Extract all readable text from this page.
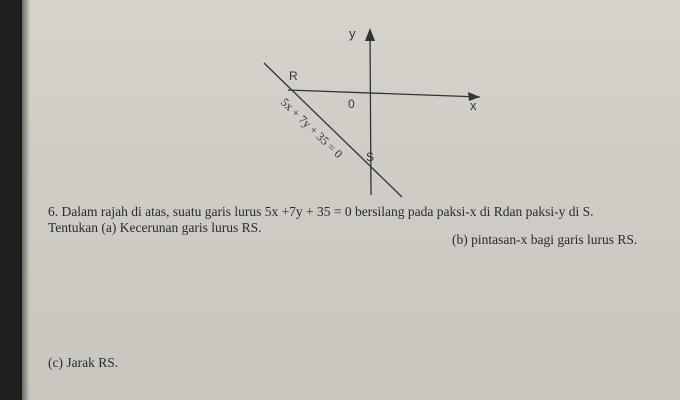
y
x
0
R
S
5x + 7y + 35 = 0
6. Dalam rajah di atas, suatu garis lurus 5x +7y + 35 = 0 bersilang pada paksi-x di Rdan paksi-y di S.
Tentukan (a) Kecerunan garis lurus RS.
(b) pintasan-x bagi garis lurus RS.
(c) Jarak RS.
